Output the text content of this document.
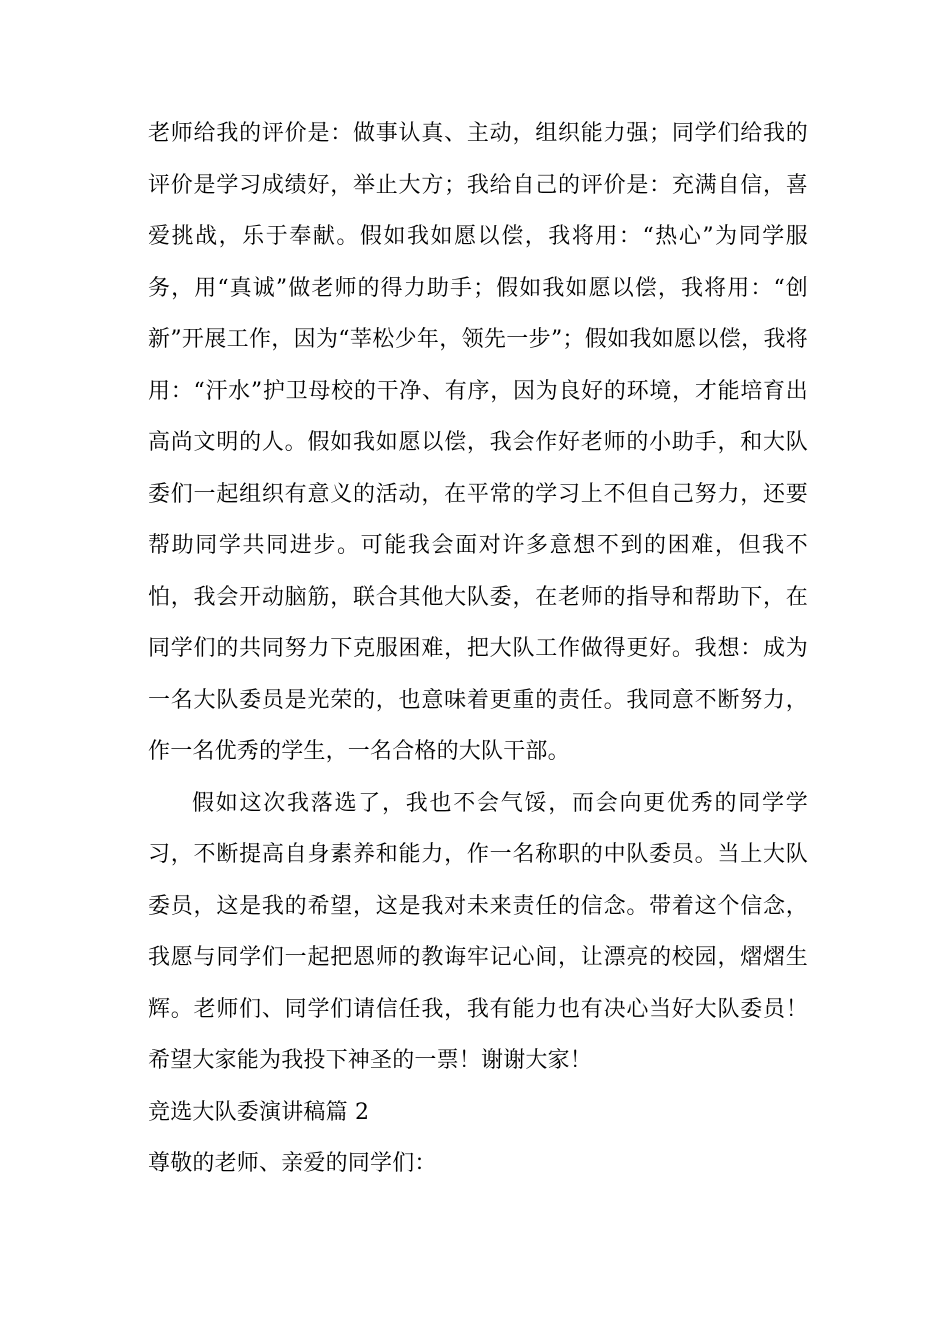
老师给我的评价是：做事认真、主动，组织能力强；同学们给我的评价是学习成绩好，举止大方；我给自己的评价是：充满自信，喜爱挑战，乐于奉献。假如我如愿以偿，我将用：“热心”为同学服务，用“真诚”做老师的得力助手；假如我如愿以偿，我将用：“创新”开展工作，因为“莘松少年，领先一步”；假如我如愿以偿，我将用：“汗水”护卫母校的干净、有序，因为良好的环境，才能培育出高尚文明的人。假如我如愿以偿，我会作好老师的小助手，和大队委们一起组织有意义的活动，在平常的学习上不但自己努力，还要帮助同学共同进步。可能我会面对许多意想不到的困难，但我不怕，我会开动脑筋，联合其他大队委，在老师的指导和帮助下，在同学们的共同努力下克服困难，把大队工作做得更好。我想：成为一名大队委员是光荣的，也意味着更重的责任。我同意不断努力，作一名优秀的学生，一名合格的大队干部。

假如这次我落选了，我也不会气馁，而会向更优秀的同学学习，不断提高自身素养和能力，作一名称职的中队委员。当上大队委员，这是我的希望，这是我对未来责任的信念。带着这个信念，我愿与同学们一起把恩师的教诲牢记心间，让漂亮的校园，熠熠生辉。老师们、同学们请信任我，我有能力也有决心当好大队委员！希望大家能为我投下神圣的一票！谢谢大家！

竞选大队委演讲稿篇 2

尊敬的老师、亲爱的同学们：
